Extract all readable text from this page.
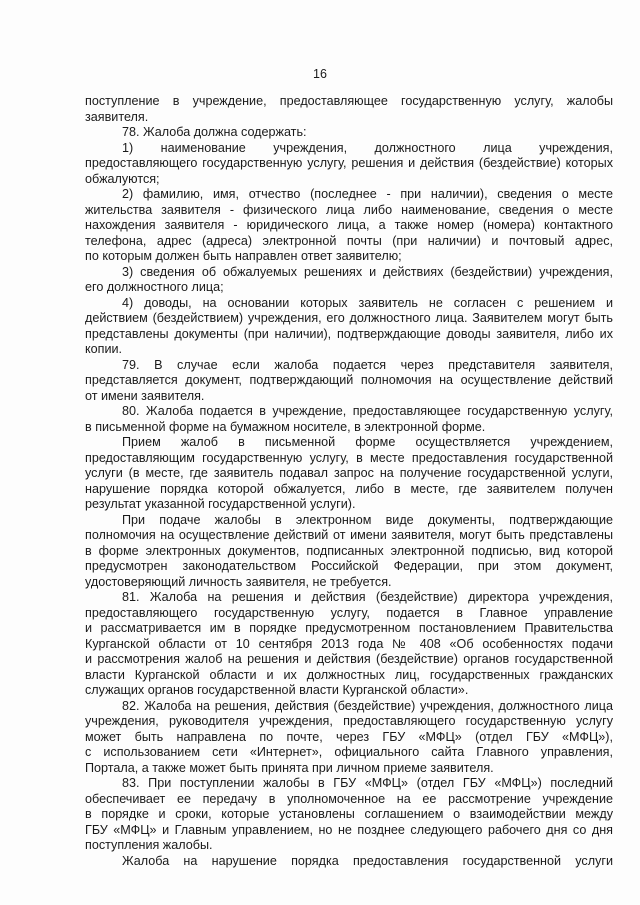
16
поступление в учреждение, предоставляющее государственную услугу, жалобы
заявителя.
78. Жалоба должна содержать:
1) наименование учреждения, должностного лица учреждения,
предоставляющего государственную услугу, решения и действия (бездействие) которых
обжалуются;
2) фамилию, имя, отчество (последнее - при наличии), сведения о месте
жительства заявителя - физического лица либо наименование, сведения о месте
нахождения заявителя - юридического лица, а также номер (номера) контактного
телефона, адрес (адреса) электронной почты (при наличии) и почтовый адрес,
по которым должен быть направлен ответ заявителю;
3) сведения об обжалуемых решениях и действиях (бездействии) учреждения,
его должностного лица;
4) доводы, на основании которых заявитель не согласен с решением и
действием (бездействием) учреждения, его должностного лица. Заявителем могут быть
представлены документы (при наличии), подтверждающие доводы заявителя, либо их
копии.
79. В случае если жалоба подается через представителя заявителя,
представляется документ, подтверждающий полномочия на осуществление действий
от имени заявителя.
80. Жалоба подается в учреждение, предоставляющее государственную услугу,
в письменной форме на бумажном носителе, в электронной форме.
Прием жалоб в письменной форме осуществляется учреждением,
предоставляющим государственную услугу, в месте предоставления государственной
услуги (в месте, где заявитель подавал запрос на получение государственной услуги,
нарушение порядка которой обжалуется, либо в месте, где заявителем получен
результат указанной государственной услуги).
При подаче жалобы в электронном виде документы, подтверждающие
полномочия на осуществление действий от имени заявителя, могут быть представлены
в форме электронных документов, подписанных электронной подписью, вид которой
предусмотрен законодательством Российской Федерации, при этом документ,
удостоверяющий личность заявителя, не требуется.
81. Жалоба на решения и действия (бездействие) директора учреждения,
предоставляющего государственную услугу, подается в Главное управление
и рассматривается им в порядке предусмотренном постановлением Правительства
Курганской области от 10 сентября 2013 года № 408 «Об особенностях подачи
и рассмотрения жалоб на решения и действия (бездействие) органов государственной
власти Курганской области и их должностных лиц, государственных гражданских
служащих органов государственной власти Курганской области».
82. Жалоба на решения, действия (бездействие) учреждения, должностного лица
учреждения, руководителя учреждения, предоставляющего государственную услугу
может быть направлена по почте, через ГБУ «МФЦ» (отдел ГБУ «МФЦ»),
с использованием сети «Интернет», официального сайта Главного управления,
Портала, а также может быть принята при личном приеме заявителя.
83. При поступлении жалобы в ГБУ «МФЦ» (отдел ГБУ «МФЦ») последний
обеспечивает ее передачу в уполномоченное на ее рассмотрение учреждение
в порядке и сроки, которые установлены соглашением о взаимодействии между
ГБУ «МФЦ» и Главным управлением, но не позднее следующего рабочего дня со дня
поступления жалобы.
Жалоба на нарушение порядка предоставления государственной услуги
